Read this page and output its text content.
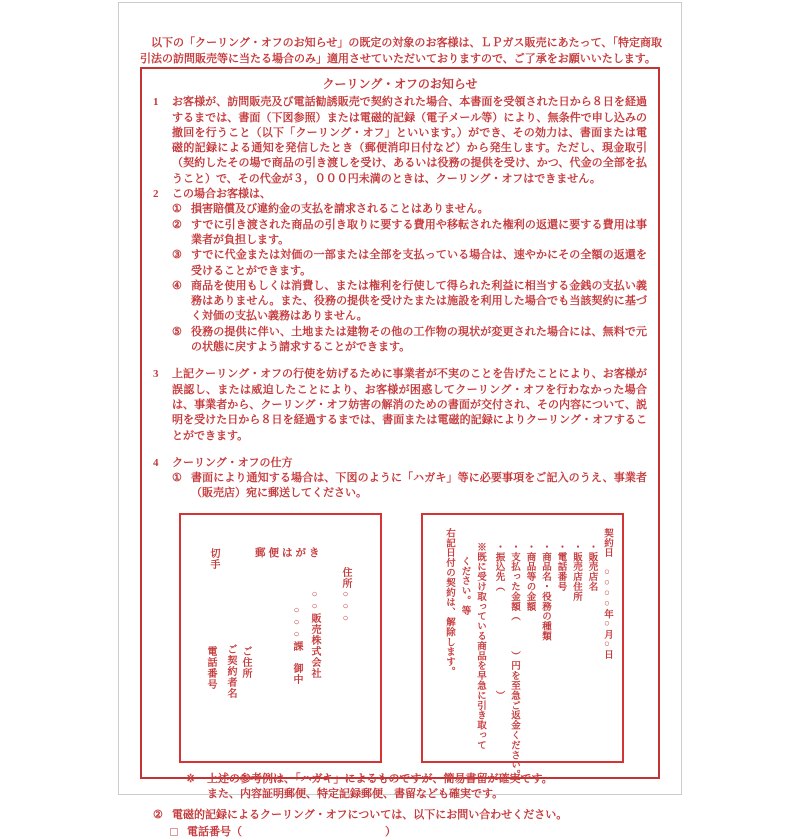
以下の「クーリング・オフのお知らせ」の既定の対象のお客様は、ＬＰガス販売にあたって、「特定商取引法の訪問販売等に当たる場合のみ」適用させていただいておりますので、ご了承をお願いいたします。

クーリング・オフのお知らせ
1	お客様が、訪問販売及び電話勧誘販売で契約された場合、本書面を受領された日から８日を経過するまでは、書面（下図参照）または電磁的記録（電子メール等）により、無条件で申し込みの撤回を行うこと（以下「クーリング・オフ」といいます。）ができ、その効力は、書面または電磁的記録による通知を発信したとき（郵便消印日付など）から発生します。ただし、現金取引（契約したその場で商品の引き渡しを受け、あるいは役務の提供を受け、かつ、代金の全部を払うこと）で、その代金が３，０００円未満のときは、クーリング・オフはできません。
2	この場合お客様は、
① 損害賠償及び違約金の支払を請求されることはありません。
② すでに引き渡された商品の引き取りに要する費用や移転された権利の返還に要する費用は事業者が負担します。
③ すでに代金または対価の一部または全部を支払っている場合は、速やかにその全額の返還を受けることができます。
④ 商品を使用もしくは消費し、または権利を行使して得られた利益に相当する金銭の支払い義務はありません。また、役務の提供を受けたまたは施設を利用した場合でも当該契約に基づく対価の支払い義務はありません。
⑤ 役務の提供に伴い、土地または建物その他の工作物の現状が変更された場合には、無料で元の状態に戻すよう請求することができます。
3	上記クーリング・オフの行使を妨げるために事業者が不実のことを告げたことにより、お客様が誤認し、または威迫したことにより、お客様が困惑してクーリング・オフを行わなかった場合は、事業者から、クーリング・オフ妨害の解消のための書面が交付され、その内容について、説明を受けた日から８日を経過するまでは、書面または電磁的記録によりクーリング・オフすることができます。
4	クーリング・オフの仕方
① 書面により通知する場合は、下図のように「ハガキ」等に必要事項をご記入のうえ、事業者（販売店）宛に郵送してください。
切手	郵便はがき
住所○○○
○○販売株式会社
○○○課　御中
ご住所
ご契約者名
電話番号
契約日　○○○○年○月○日
・販売店名
・販売店住所
・電話番号
・商品名・役務の種類
・商品等の金額
・支払った金額（　　　）円を至急ご返金ください。
・振込先（　　　　　　　　　　）
※既に受け取っている商品を早急に引き取って
ください。等
右記日付の契約は、解除します。
※	上述の参考例は、「ハガキ」によるものですが、簡易書留が確実です。
また、内容証明郵便、特定記録郵便、書留なども確実です。
② 電磁的記録によるクーリング・オフについては、以下にお問い合わせください。
電話番号（　　　　　　　　　　　　　）
